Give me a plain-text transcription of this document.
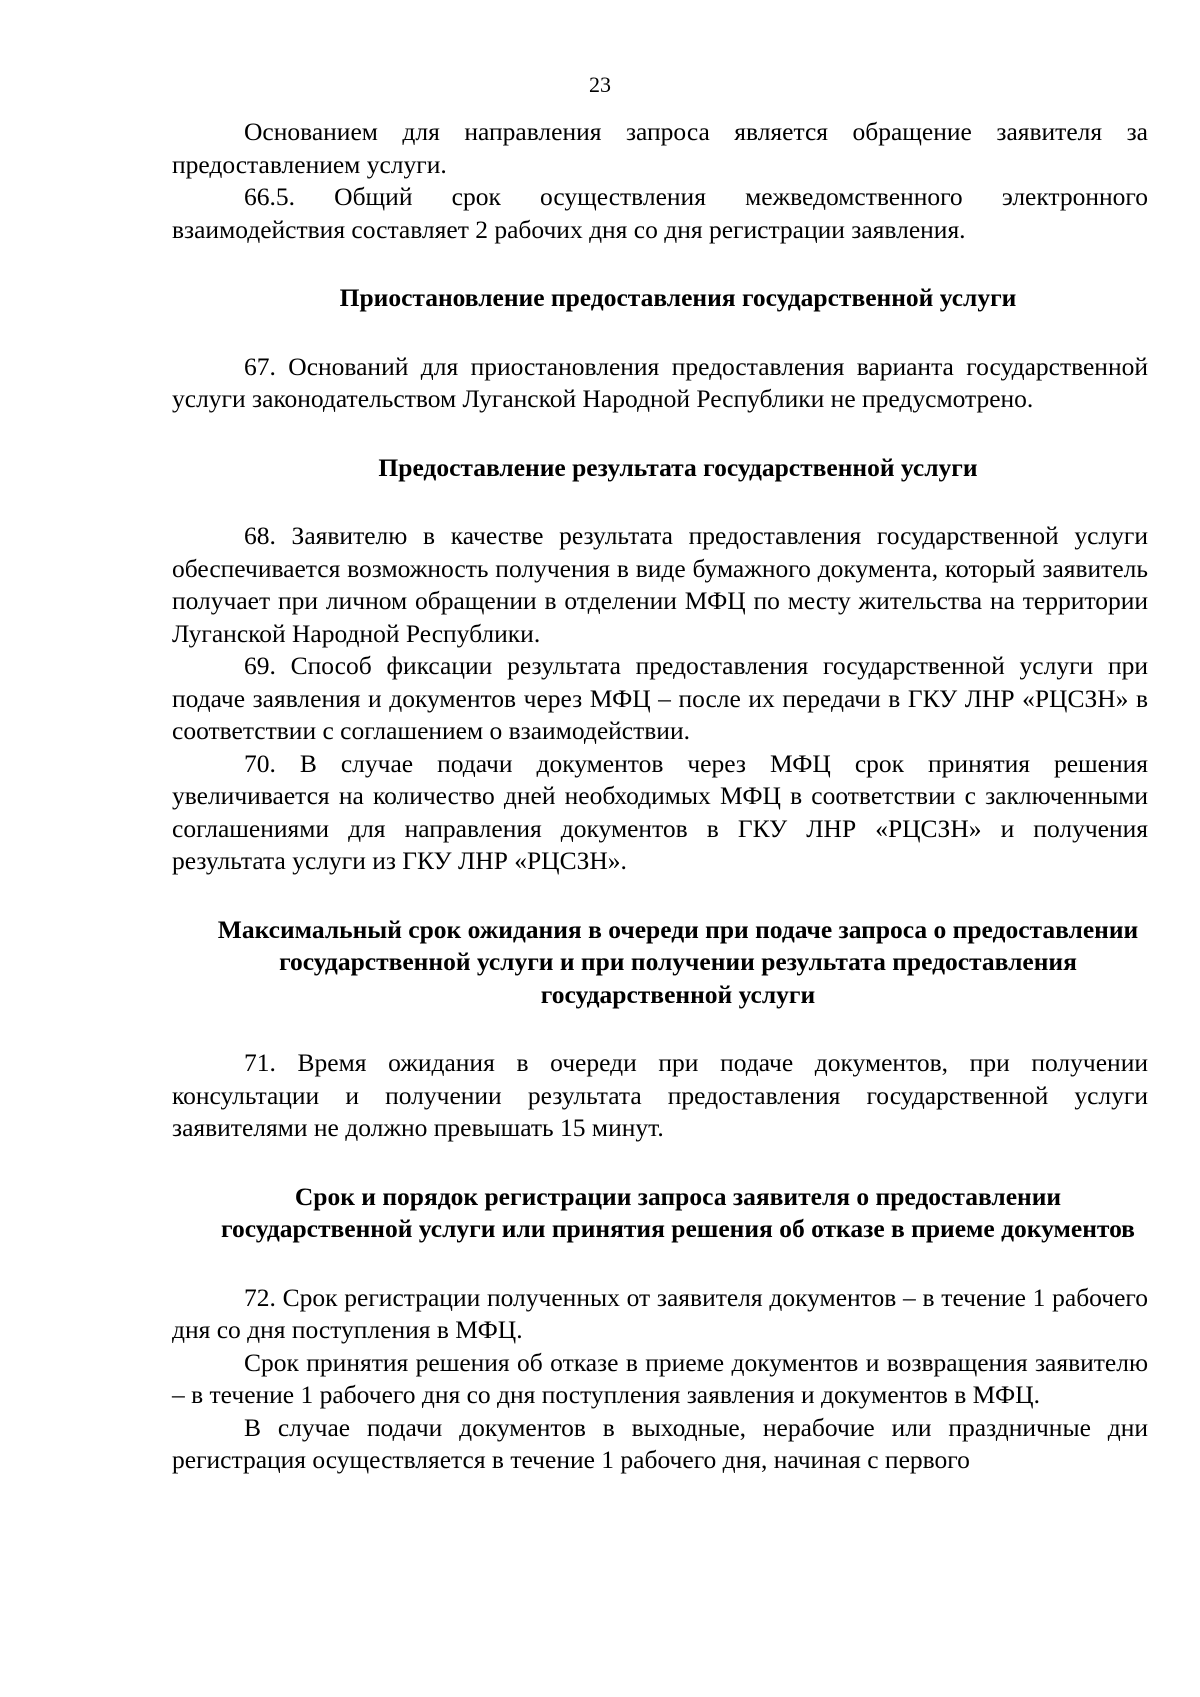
23

Основанием для направления запроса является обращение заявителя за предоставлением услуги.

66.5. Общий срок осуществления межведомственного электронного взаимодействия составляет 2 рабочих дня со дня регистрации заявления.

Приостановление предоставления государственной услуги

67. Оснований для приостановления предоставления варианта государственной услуги законодательством Луганской Народной Республики не предусмотрено.

Предоставление результата государственной услуги

68. Заявителю в качестве результата предоставления государственной услуги обеспечивается возможность получения в виде бумажного документа, который заявитель получает при личном обращении в отделении МФЦ по месту жительства на территории Луганской Народной Республики.

69. Способ фиксации результата предоставления государственной услуги при подаче заявления и документов через МФЦ – после их передачи в ГКУ ЛНР «РЦСЗН» в соответствии с соглашением о взаимодействии.

70. В случае подачи документов через МФЦ срок принятия решения увеличивается на количество дней необходимых МФЦ в соответствии с заключенными соглашениями для направления документов в ГКУ ЛНР «РЦСЗН» и получения результата услуги из ГКУ ЛНР «РЦСЗН».

Максимальный срок ожидания в очереди при подаче запроса о предоставлении государственной услуги и при получении результата предоставления государственной услуги

71. Время ожидания в очереди при подаче документов, при получении консультации и получении результата предоставления государственной услуги заявителями не должно превышать 15 минут.

Срок и порядок регистрации запроса заявителя о предоставлении государственной услуги или принятия решения об отказе в приеме документов

72. Срок регистрации полученных от заявителя документов – в течение 1 рабочего дня со дня поступления в МФЦ.

Срок принятия решения об отказе в приеме документов и возвращения заявителю – в течение 1 рабочего дня со дня поступления заявления и документов в МФЦ.

В случае подачи документов в выходные, нерабочие или праздничные дни регистрация осуществляется в течение 1 рабочего дня, начиная с первого
